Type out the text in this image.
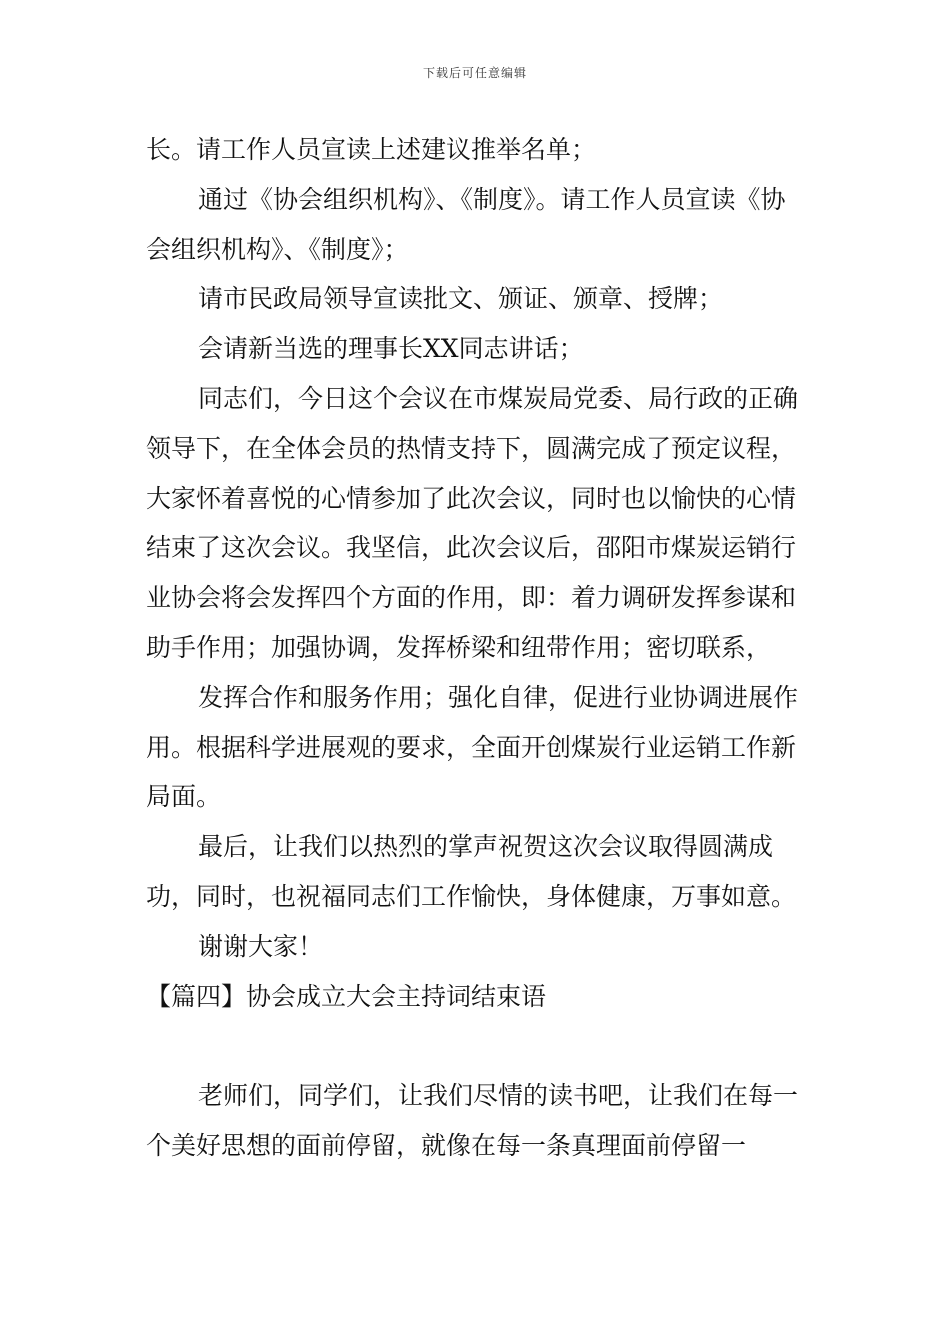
下载后可任意编辑

长。请工作人员宣读上述建议推举名单；

通过《协会组织机构》、《制度》。请工作人员宣读《协会组织机构》、《制度》；

请市民政局领导宣读批文、颁证、颁章、授牌；

会请新当选的理事长XX同志讲话；

同志们，今日这个会议在市煤炭局党委、局行政的正确领导下，在全体会员的热情支持下，圆满完成了预定议程，大家怀着喜悦的心情参加了此次会议，同时也以愉快的心情结束了这次会议。我坚信，此次会议后，邵阳市煤炭运销行业协会将会发挥四个方面的作用，即：着力调研发挥参谋和助手作用；加强协调，发挥桥梁和纽带作用；密切联系，

发挥合作和服务作用；强化自律，促进行业协调进展作用。根据科学进展观的要求，全面开创煤炭行业运销工作新局面。

最后，让我们以热烈的掌声祝贺这次会议取得圆满成功，同时，也祝福同志们工作愉快，身体健康，万事如意。

谢谢大家！

【篇四】协会成立大会主持词结束语

老师们，同学们，让我们尽情的读书吧，让我们在每一个美好思想的面前停留，就像在每一条真理面前停留一
